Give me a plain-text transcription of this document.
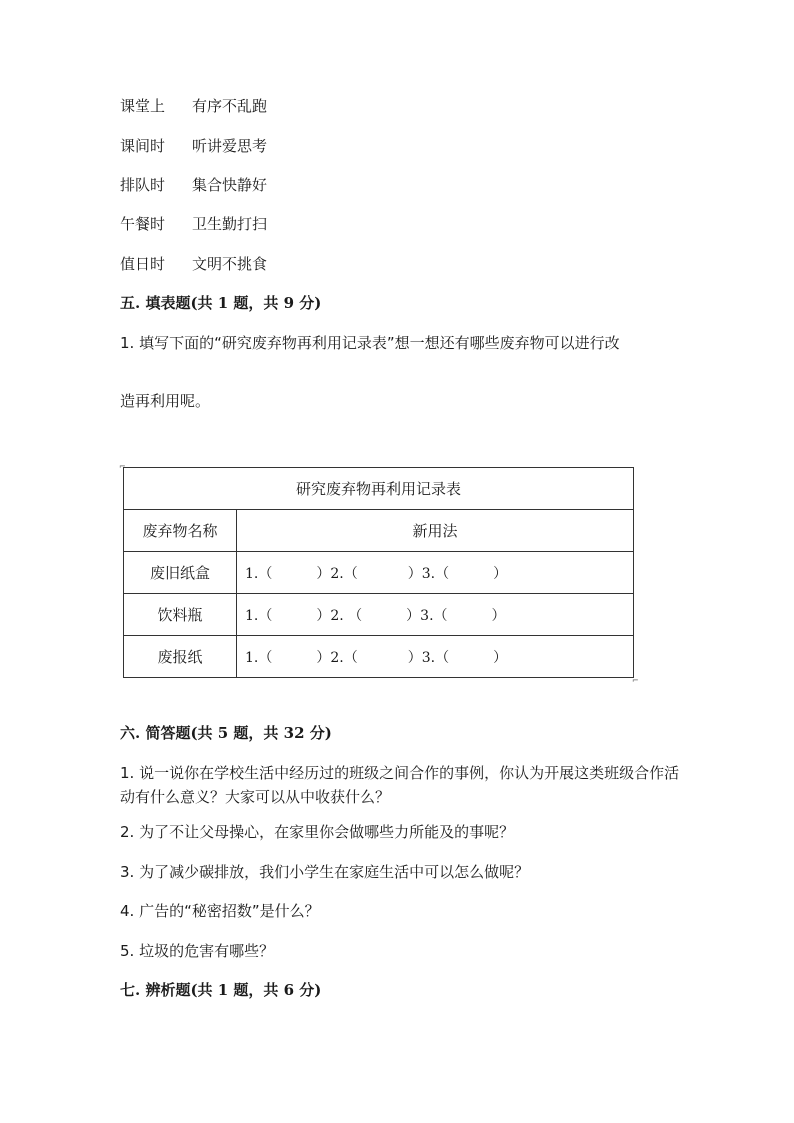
课堂上 有序不乱跑
课间时 听讲爱思考
排队时 集合快静好
午餐时 卫生勤打扫
值日时 文明不挑食
五. 填表题(共 1 题，共 9 分)
1. 填写下面的“研究废弃物再利用记录表”想一想还有哪些废弃物可以进行改
造再利用呢。
⌐
研究废弃物再利用记录表	
废弃物名称	新用法
废旧纸盒	1.（ ）2.（ ）3.（ ）
饮料瓶	1.（ ）2. （ ）3.（ ）
废报纸	1.（ ）2.（ ）3.（ ）
⌐
六. 简答题(共 5 题，共 32 分)
1. 说一说你在学校生活中经历过的班级之间合作的事例，你认为开展这类班级合作活动有什么意义？大家可以从中收获什么？
2. 为了不让父母操心，在家里你会做哪些力所能及的事呢？
3. 为了减少碳排放，我们小学生在家庭生活中可以怎么做呢？
4. 广告的“秘密招数”是什么？
5. 垃圾的危害有哪些？
七. 辨析题(共 1 题，共 6 分)
